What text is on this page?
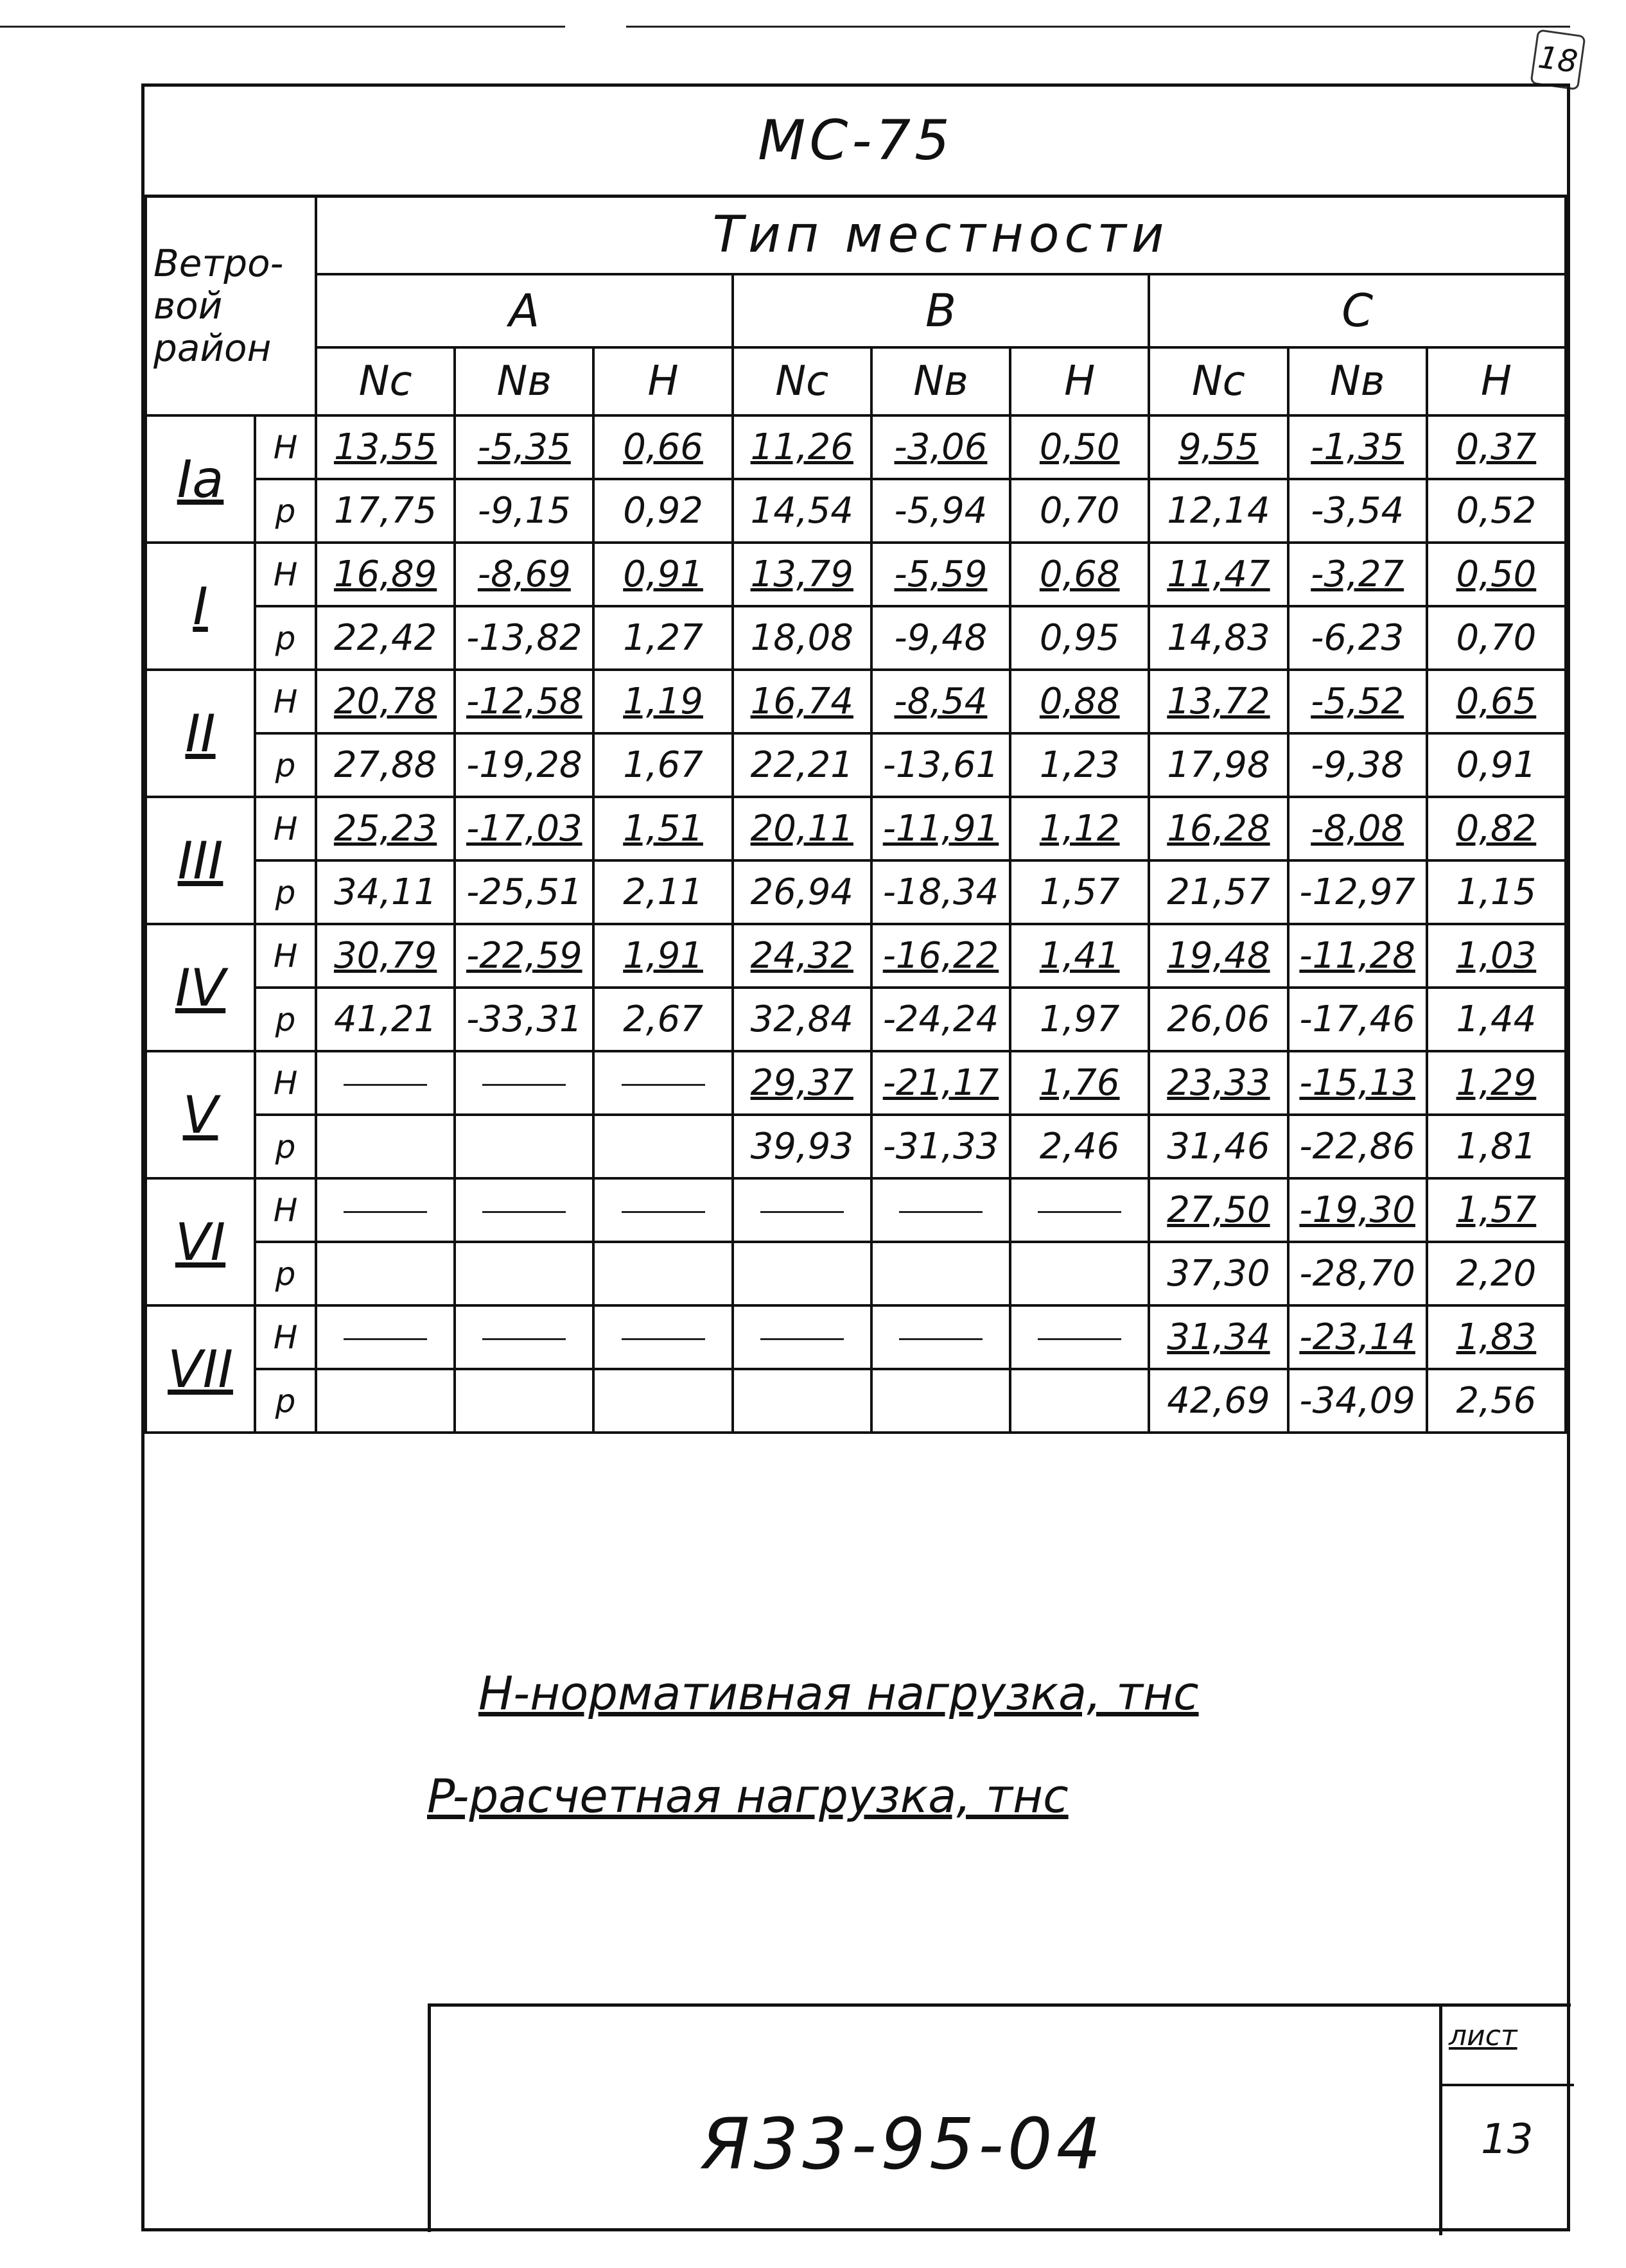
18
MC-75
Ветро-вой район		Тип местности								
		A			B			C		
		Nc	Nв	H	Nc	Nв	H	Nc	Nв	H
Ia	H	13,55	-5,35	0,66	11,26	-3,06	0,50	9,55	-1,35	0,37
	p	17,75	-9,15	0,92	14,54	-5,94	0,70	12,14	-3,54	0,52
I	H	16,89	-8,69	0,91	13,79	-5,59	0,68	11,47	-3,27	0,50
	p	22,42	-13,82	1,27	18,08	-9,48	0,95	14,83	-6,23	0,70
II	H	20,78	-12,58	1,19	16,74	-8,54	0,88	13,72	-5,52	0,65
	p	27,88	-19,28	1,67	22,21	-13,61	1,23	17,98	-9,38	0,91
III	H	25,23	-17,03	1,51	20,11	-11,91	1,12	16,28	-8,08	0,82
	p	34,11	-25,51	2,11	26,94	-18,34	1,57	21,57	-12,97	1,15
IV	H	30,79	-22,59	1,91	24,32	-16,22	1,41	19,48	-11,28	1,03
	p	41,21	-33,31	2,67	32,84	-24,24	1,97	26,06	-17,46	1,44
V	H				29,37	-21,17	1,76	23,33	-15,13	1,29
	p				39,93	-31,33	2,46	31,46	-22,86	1,81
VI	H							27,50	-19,30	1,57
	p							37,30	-28,70	2,20
VII	H							31,34	-23,14	1,83
	p							42,69	-34,09	2,56
H-нормативная нагрузка, тнс
P-расчетная нагрузка, тнс
Я33-95-04
лист
13
